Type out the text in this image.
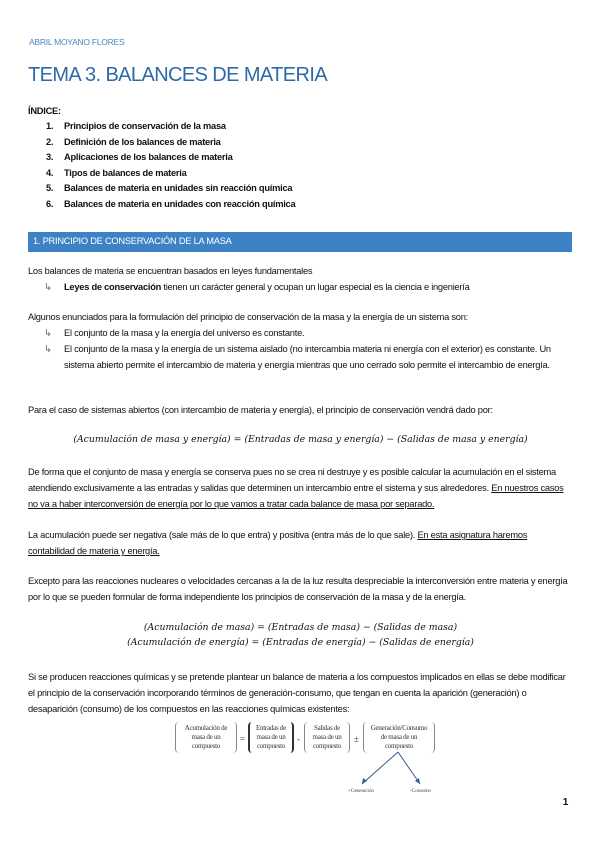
ABRIL MOYANO FLORES
TEMA 3. BALANCES DE MATERIA
ÍNDICE:
1.	Principios de conservación de la masa
2.	Definición de los balances de materia
3.	Aplicaciones de los balances de materia
4.	Tipos de balances de materia
5.	Balances de materia en unidades sin reacción química
6.	Balances de materia en unidades con reacción química
1. PRINCIPIO DE CONSERVACIÓN DE LA MASA
Los balances de materia se encuentran basados en leyes fundamentales
↳	Leyes de conservación tienen un carácter general y ocupan un lugar especial es la ciencia e ingeniería
Algunos enunciados para la formulación del principio de conservación de la masa y la energía de un sistema son:
↳	El conjunto de la masa y la energía del universo es constante.
↳	El conjunto de la masa y la energía de un sistema aislado (no intercambia materia ni energía con el exterior) es constante. Un sistema abierto permite el intercambio de materia y energía mientras que uno cerrado solo permite el intercambio de energía.
Para el caso de sistemas abiertos (con intercambio de materia y energía), el principio de conservación vendrá dado por:
(Acumulación de masa y energía) = (Entradas de masa y energía) − (Salidas de masa y energía)
De forma que el conjunto de masa y energía se conserva pues no se crea ni destruye y es posible calcular la acumulación en el sistema atendiendo exclusivamente a las entradas y salidas que determinen un intercambio entre el sistema y sus alrededores. En nuestros casos no va a haber interconversión de energía por lo que vamos a tratar cada balance de masa por separado.
La acumulación puede ser negativa (sale más de lo que entra) y positiva (entra más de lo que sale). En esta asignatura haremos contabilidad de materia y energía.
Excepto para las reacciones nucleares o velocidades cercanas a la de la luz resulta despreciable la interconversión entre materia y energía por lo que se pueden formular de forma independiente los principios de conservación de la masa y de la energía.
(Acumulación de masa) = (Entradas de masa) − (Salidas de masa)
(Acumulación de energía) = (Entradas de energía) − (Salidas de energía)
Si se producen reacciones químicas y se pretende plantear un balance de materia a los compuestos implicados en ellas se debe modificar el principio de la conservación incorporando términos de generación-consumo, que tengan en cuenta la aparición (generación) o desaparición (consumo) de los compuestos en las reacciones químicas existentes:
Acumulación de masa de un compuesto
=
Entradas de masa de un compuesto
-
Salidas de masa de un compuesto
±
Generación/Consumo de masa de un compuesto
+Generación	-Consumo
1
